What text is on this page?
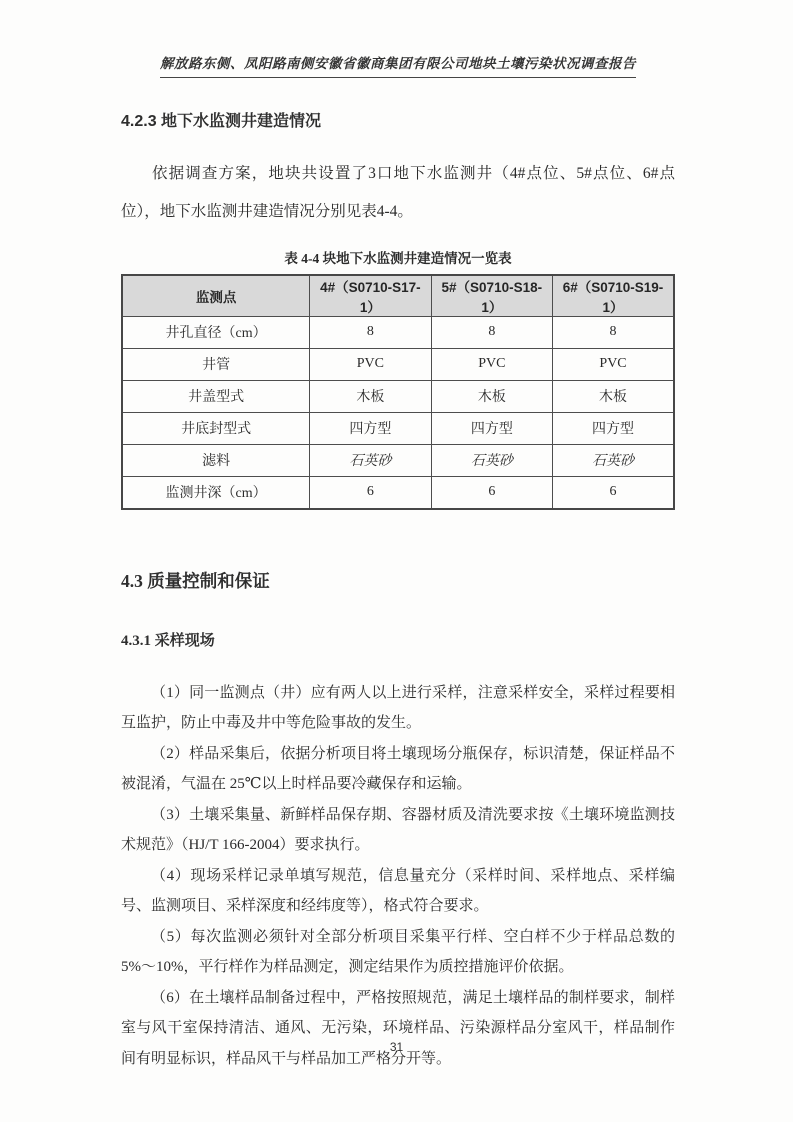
解放路东侧、凤阳路南侧安徽省徽商集团有限公司地块土壤污染状况调查报告
4.2.3 地下水监测井建造情况

依据调查方案，地块共设置了3口地下水监测井（4#点位、5#点位、6#点位），地下水监测井建造情况分别见表4-4。

表 4-4 块地下水监测井建造情况一览表
监测点	4#（S0710-S17-1）	5#（S0710-S18-1）	6#（S0710-S19-1）
井孔直径（cm）	8	8	8
井管	PVC	PVC	PVC
井盖型式	木板	木板	木板
井底封型式	四方型	四方型	四方型
滤料	石英砂	石英砂	石英砂
监测井深（cm）	6	6	6
4.3 质量控制和保证
4.3.1 采样现场

（1）同一监测点（井）应有两人以上进行采样，注意采样安全，采样过程要相互监护，防止中毒及井中等危险事故的发生。

（2）样品采集后，依据分析项目将土壤现场分瓶保存，标识清楚，保证样品不被混淆，气温在 25℃以上时样品要冷藏保存和运输。

（3）土壤采集量、新鲜样品保存期、容器材质及清洗要求按《土壤环境监测技术规范》（HJ/T 166-2004）要求执行。

（4）现场采样记录单填写规范，信息量充分（采样时间、采样地点、采样编号、监测项目、采样深度和经纬度等），格式符合要求。

（5）每次监测必须针对全部分析项目采集平行样、空白样不少于样品总数的 5%～10%，平行样作为样品测定，测定结果作为质控措施评价依据。

（6）在土壤样品制备过程中，严格按照规范，满足土壤样品的制样要求，制样室与风干室保持清洁、通风、无污染，环境样品、污染源样品分室风干，样品制作间有明显标识，样品风干与样品加工严格分开等。

31
